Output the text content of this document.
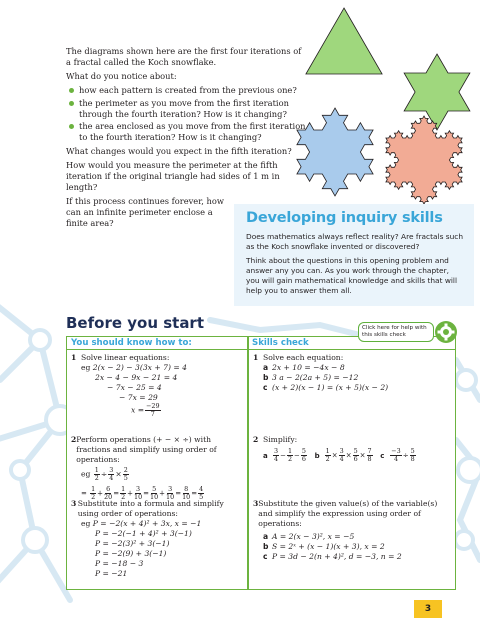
The diagrams shown here are the first four iterations of a fractal called the Koch snowflake.

What do you notice about:

how each pattern is created from the previous one?
the perimeter as you move from the first iteration through the fourth iteration? How is it changing?
the area enclosed as you move from the first iteration to the fourth iteration? How is it changing?

What changes would you expect in the fifth iteration?

How would you measure the perimeter at the fifth iteration if the original triangle had sides of 1 m in length?

If this process continues forever, how can an infinite perimeter enclose a finite area?	Developing inquiry skills

Does mathematics always reflect reality? Are fractals such as the Koch snowflake invented or discovered?

Think about the questions in this opening problem and answer any you can. As you work through the chapter, you will gain mathematical knowledge and skills that will help you to answer them all.

Before you start	Click here for help with this skills check
You should know how to:	Skills check
1 Solve linear equations:
eg 2(x − 2) − 3(3x + 7) = 4
2x − 4 − 9x − 21 = 4
− 7x − 25 = 4
− 7x = 29
$x = \frac{-29}{7}$
2 Perform operations (+ − × ÷) with fractions and simplify using order of operations:
eg $\frac{1}{2} \div \frac{3}{4} \times \frac{2}{5}$
= $\frac{1}{2} + \frac{6}{20} = \frac{1}{2} + \frac{3}{10} = \frac{5}{10} + \frac{3}{10} = \frac{8}{10} = \frac{4}{5}$
3 Substitute into a formula and simplify using order of operations:
eg P = −2(x + 4)² + 3x, x = −1
P = −2(−1 + 4)² + 3(−1)
P = −2(3)² + 3(−1)
P = −2(9) + 3(−1)
P = −18 − 3
P = −21
1 Solve each equation:
a 2x + 10 = −4x − 8
b 3 a − 2(2a + 5) = −12
c (x + 2)(x − 1) = (x + 5)(x − 2)
2 Simplify:
a $\frac{3}{4} - \frac{1}{2} - \frac{5}{6}$ b $\frac{1}{2} \times \frac{3}{4} \times \frac{5}{6} \times \frac{7}{8}$ c $\frac{-3}{4} \div \frac{5}{8}$
3 Substitute the given value(s) of the variable(s) and simplify the expression using order of operations:
a A = 2(x − 3)², x = −5
b S = 2ˣ + (x − 1)(x + 3), x = 2
c P = 3d − 2(n + 4)², d = −3, n = 2
3
